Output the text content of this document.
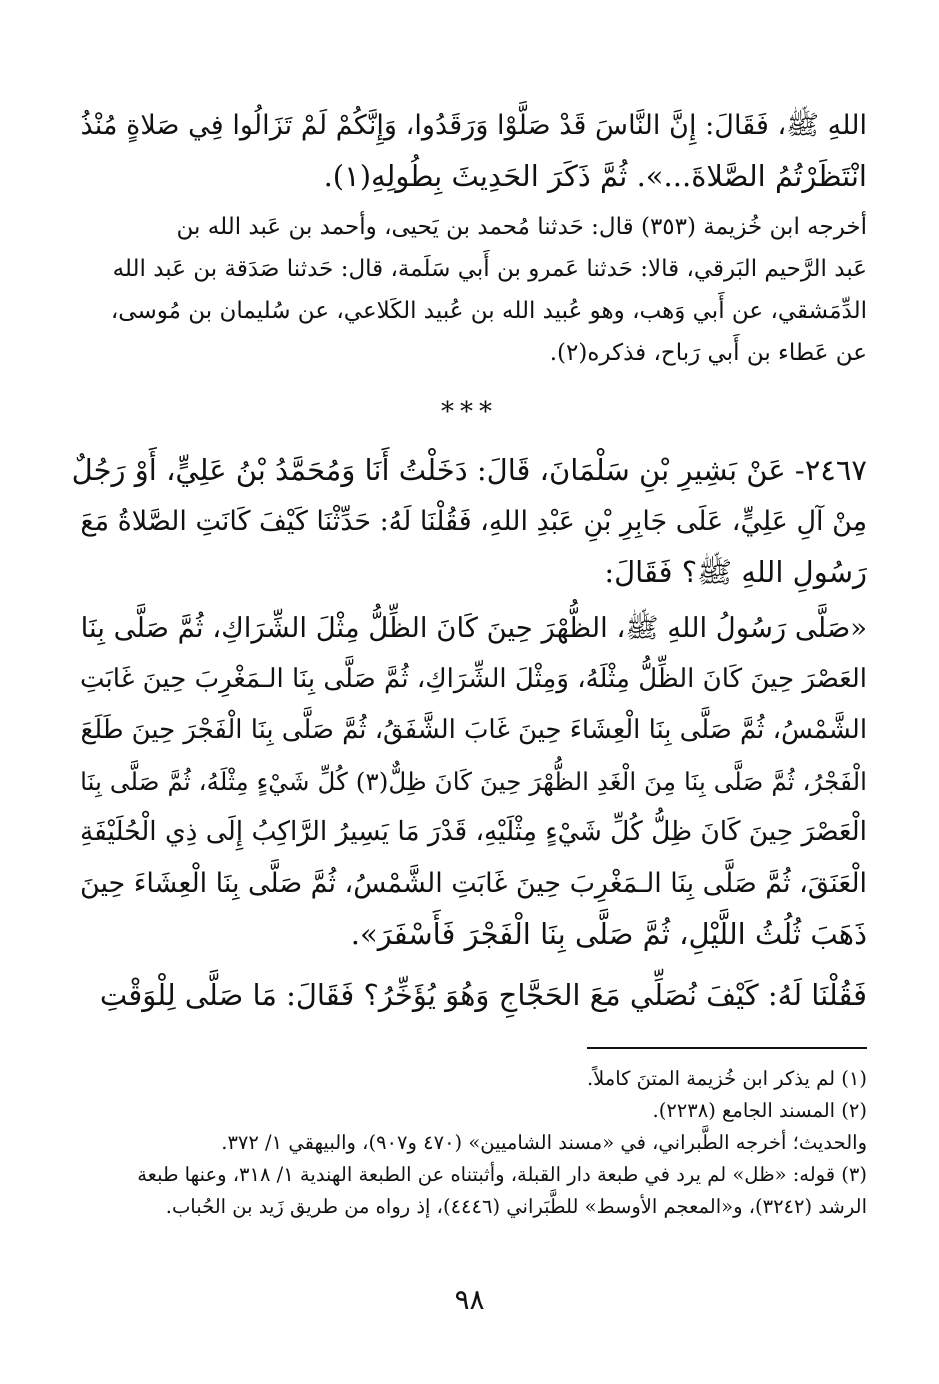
اللهِ ﷺ، فَقَالَ: إِنَّ النَّاسَ قَدْ صَلَّوْا وَرَقَدُوا، وَإِنَّكُمْ لَمْ تَزَالُوا فِي صَلاةٍ مُنْذُ
انْتَظَرْتُمُ الصَّلاةَ...». ثُمَّ ذَكَرَ الحَدِيثَ بِطُولِهِ(١).

أخرجه ابن خُزيمة (٣٥٣) قال: حَدثنا مُحمد بن يَحيى، وأحمد بن عَبد الله بن
عَبد الرَّحيم البَرقي، قالا: حَدثنا عَمرو بن أَبي سَلَمة، قال: حَدثنا صَدَقة بن عَبد الله
الدِّمَشقي، عن أَبي وَهب، وهو عُبيد الله بن عُبيد الكَلاعي، عن سُليمان بن مُوسى،
عن عَطاء بن أَبي رَباح، فذكره(٢).

***

٢٤٦٧- عَنْ بَشِيرِ بْنِ سَلْمَانَ، قَالَ: دَخَلْتُ أَنَا وَمُحَمَّدُ بْنُ عَلِيٍّ، أَوْ رَجُلٌ
مِنْ آلِ عَلِيٍّ، عَلَى جَابِرِ بْنِ عَبْدِ اللهِ، فَقُلْنَا لَهُ: حَدِّثْنَا كَيْفَ كَانَتِ الصَّلاةُ مَعَ
رَسُولِ اللهِ ﷺ؟ فَقَالَ:

«صَلَّى رَسُولُ اللهِ ﷺ، الظُّهْرَ حِينَ كَانَ الظِّلُّ مِثْلَ الشِّرَاكِ، ثُمَّ صَلَّى بِنَا
العَصْرَ حِينَ كَانَ الظِّلُّ مِثْلَهُ، وَمِثْلَ الشِّرَاكِ، ثُمَّ صَلَّى بِنَا الـمَغْرِبَ حِينَ غَابَتِ
الشَّمْسُ، ثُمَّ صَلَّى بِنَا الْعِشَاءَ حِينَ غَابَ الشَّفَقُ، ثُمَّ صَلَّى بِنَا الْفَجْرَ حِينَ طَلَعَ
الْفَجْرُ، ثُمَّ صَلَّى بِنَا مِنَ الْغَدِ الظُّهْرَ حِينَ كَانَ ظِلٌّ(٣) كُلِّ شَيْءٍ مِثْلَهُ، ثُمَّ صَلَّى بِنَا
الْعَصْرَ حِينَ كَانَ ظِلُّ كُلِّ شَيْءٍ مِثْلَيْهِ، قَدْرَ مَا يَسِيرُ الرَّاكِبُ إِلَى ذِي الْحُلَيْفَةِ
الْعَنَقَ، ثُمَّ صَلَّى بِنَا الـمَغْرِبَ حِينَ غَابَتِ الشَّمْسُ، ثُمَّ صَلَّى بِنَا الْعِشَاءَ حِينَ
ذَهَبَ ثُلُثُ اللَّيْلِ، ثُمَّ صَلَّى بِنَا الْفَجْرَ فَأَسْفَرَ».

فَقُلْنَا لَهُ: كَيْفَ نُصَلِّي مَعَ الحَجَّاجِ وَهُوَ يُؤَخِّرُ؟ فَقَالَ: مَا صَلَّى لِلْوَقْتِ

(١) لم يذكر ابن خُزيمة المتنَ كاملاً.
(٢) المسند الجامع (٢٢٣٨).
والحديث؛ أخرجه الطَّبراني، في «مسند الشاميين» (٤٧٠ و٩٠٧)، والبيهقي ١/ ٣٧٢.
(٣) قوله: «ظل» لم يرد في طبعة دار القبلة، وأثبتناه عن الطبعة الهندية ١/ ٣١٨، وعنها طبعة
الرشد (٣٢٤٢)، و«المعجم الأوسط» للطَّبَراني (٤٤٤٦)، إذ رواه من طريق زَيد بن الحُباب.

٩٨
